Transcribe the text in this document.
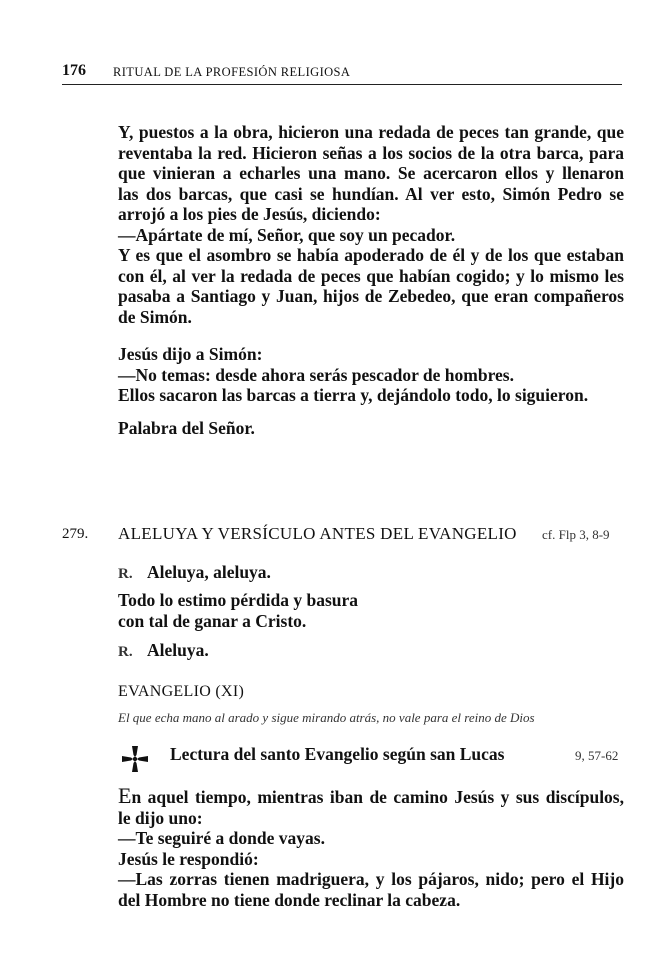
176 RITUAL DE LA PROFESIÓN RELIGIOSA
Y, puestos a la obra, hicieron una redada de peces tan grande, que
reventaba la red. Hicieron señas a los socios de la otra barca, para
que vinieran a echarles una mano. Se acercaron ellos y llenaron
las dos barcas, que casi se hundían. Al ver esto, Simón Pedro se
arrojó a los pies de Jesús, diciendo:
—Apártate de mí, Señor, que soy un pecador.
Y es que el asombro se había apoderado de él y de los que estaban
con él, al ver la redada de peces que habían cogido; y lo mismo les
pasaba a Santiago y Juan, hijos de Zebedeo, que eran compañeros
de Simón.
Jesús dijo a Simón:
—No temas: desde ahora serás pescador de hombres.
Ellos sacaron las barcas a tierra y, dejándolo todo, lo siguieron.
Palabra del Señor.
279. ALELUYA Y VERSÍCULO ANTES DEL EVANGELIO cf. Flp 3, 8-9
R. Aleluya, aleluya.
Todo lo estimo pérdida y basura
con tal de ganar a Cristo.
R. Aleluya.
EVANGELIO (XI)
El que echa mano al arado y sigue mirando atrás, no vale para el reino de Dios
Lectura del santo Evangelio según san Lucas	9, 57-62
En aquel tiempo, mientras iban de camino Jesús y sus discípulos,
le dijo uno:
—Te seguiré a donde vayas.
Jesús le respondió:
—Las zorras tienen madriguera, y los pájaros, nido; pero el Hijo
del Hombre no tiene donde reclinar la cabeza.
